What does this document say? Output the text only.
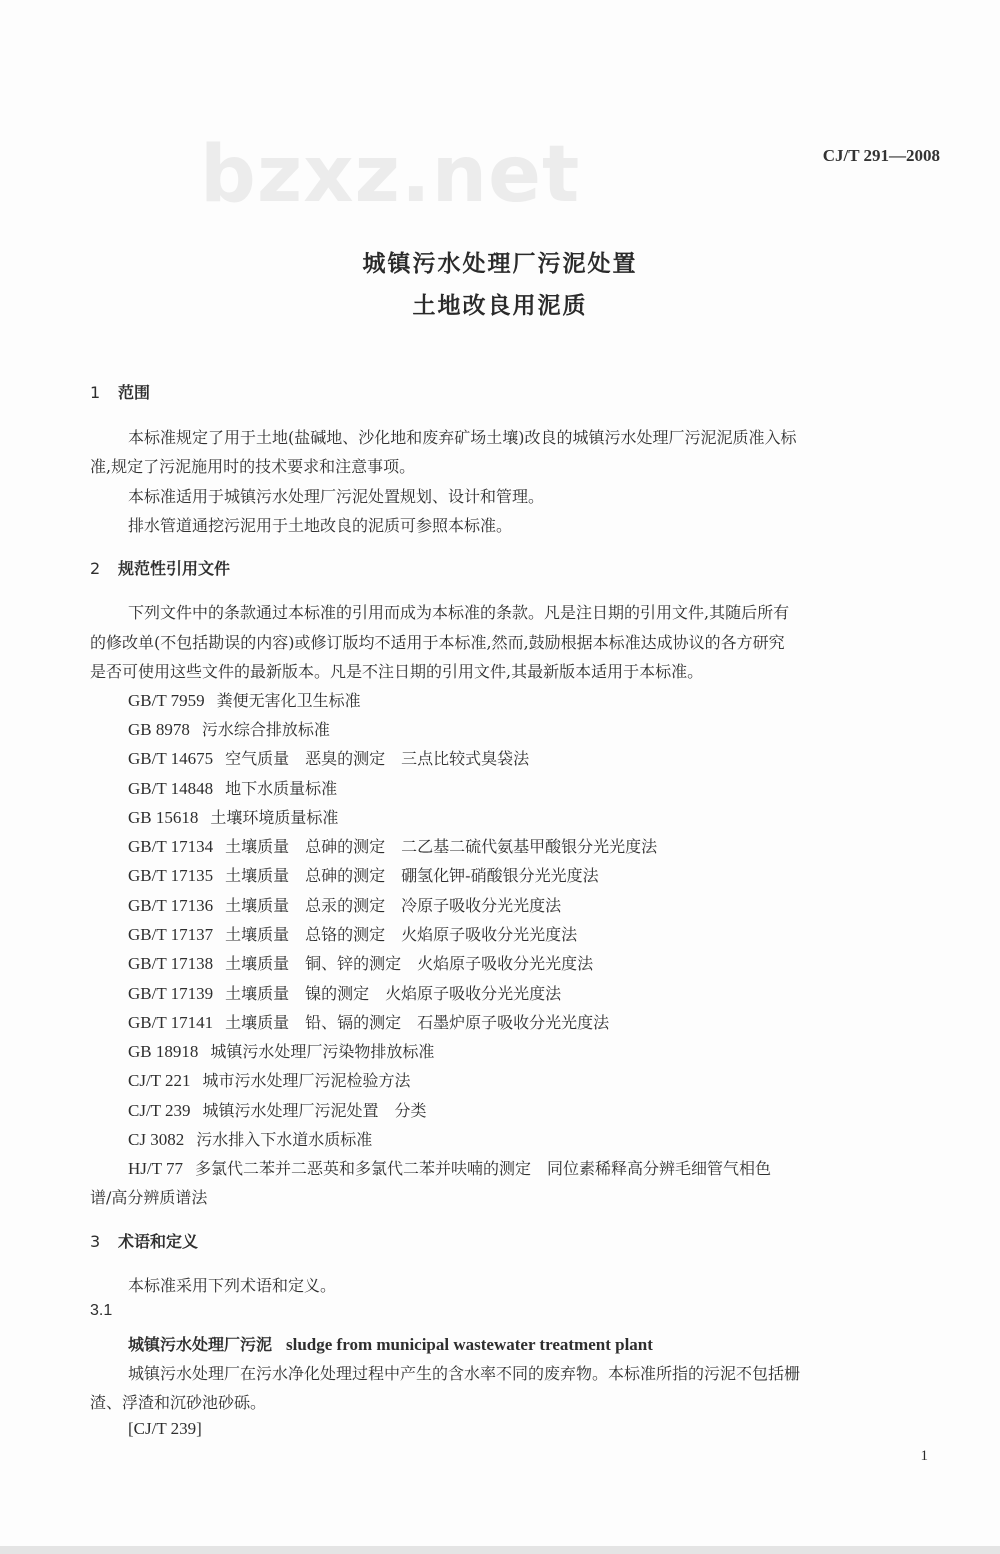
bzxz.net	CJ/T 291—2008
城镇污水处理厂污泥处置
土地改良用泥质
1 范围
本标准规定了用于土地(盐碱地、沙化地和废弃矿场土壤)改良的城镇污水处理厂污泥泥质准入标
准,规定了污泥施用时的技术要求和注意事项。
本标准适用于城镇污水处理厂污泥处置规划、设计和管理。
排水管道通挖污泥用于土地改良的泥质可参照本标准。
2 规范性引用文件
下列文件中的条款通过本标准的引用而成为本标准的条款。凡是注日期的引用文件,其随后所有
的修改单(不包括勘误的内容)或修订版均不适用于本标准,然而,鼓励根据本标准达成协议的各方研究
是否可使用这些文件的最新版本。凡是不注日期的引用文件,其最新版本适用于本标准。
GB/T 7959 粪便无害化卫生标准
GB 8978 污水综合排放标准
GB/T 14675 空气质量　恶臭的测定　三点比较式臭袋法
GB/T 14848 地下水质量标准
GB 15618 土壤环境质量标准
GB/T 17134 土壤质量　总砷的测定　二乙基二硫代氨基甲酸银分光光度法
GB/T 17135 土壤质量　总砷的测定　硼氢化钾-硝酸银分光光度法
GB/T 17136 土壤质量　总汞的测定　冷原子吸收分光光度法
GB/T 17137 土壤质量　总铬的测定　火焰原子吸收分光光度法
GB/T 17138 土壤质量　铜、锌的测定　火焰原子吸收分光光度法
GB/T 17139 土壤质量　镍的测定　火焰原子吸收分光光度法
GB/T 17141 土壤质量　铅、镉的测定　石墨炉原子吸收分光光度法
GB 18918 城镇污水处理厂污染物排放标准
CJ/T 221 城市污水处理厂污泥检验方法
CJ/T 239 城镇污水处理厂污泥处置　分类
CJ 3082 污水排入下水道水质标准
HJ/T 77 多氯代二苯并二恶英和多氯代二苯并呋喃的测定　同位素稀释高分辨毛细管气相色
谱/高分辨质谱法
3 术语和定义
本标准采用下列术语和定义。
3.1
城镇污水处理厂污泥 sludge from municipal wastewater treatment plant
城镇污水处理厂在污水净化处理过程中产生的含水率不同的废弃物。本标准所指的污泥不包括栅
渣、浮渣和沉砂池砂砾。
[CJ/T 239]
1
